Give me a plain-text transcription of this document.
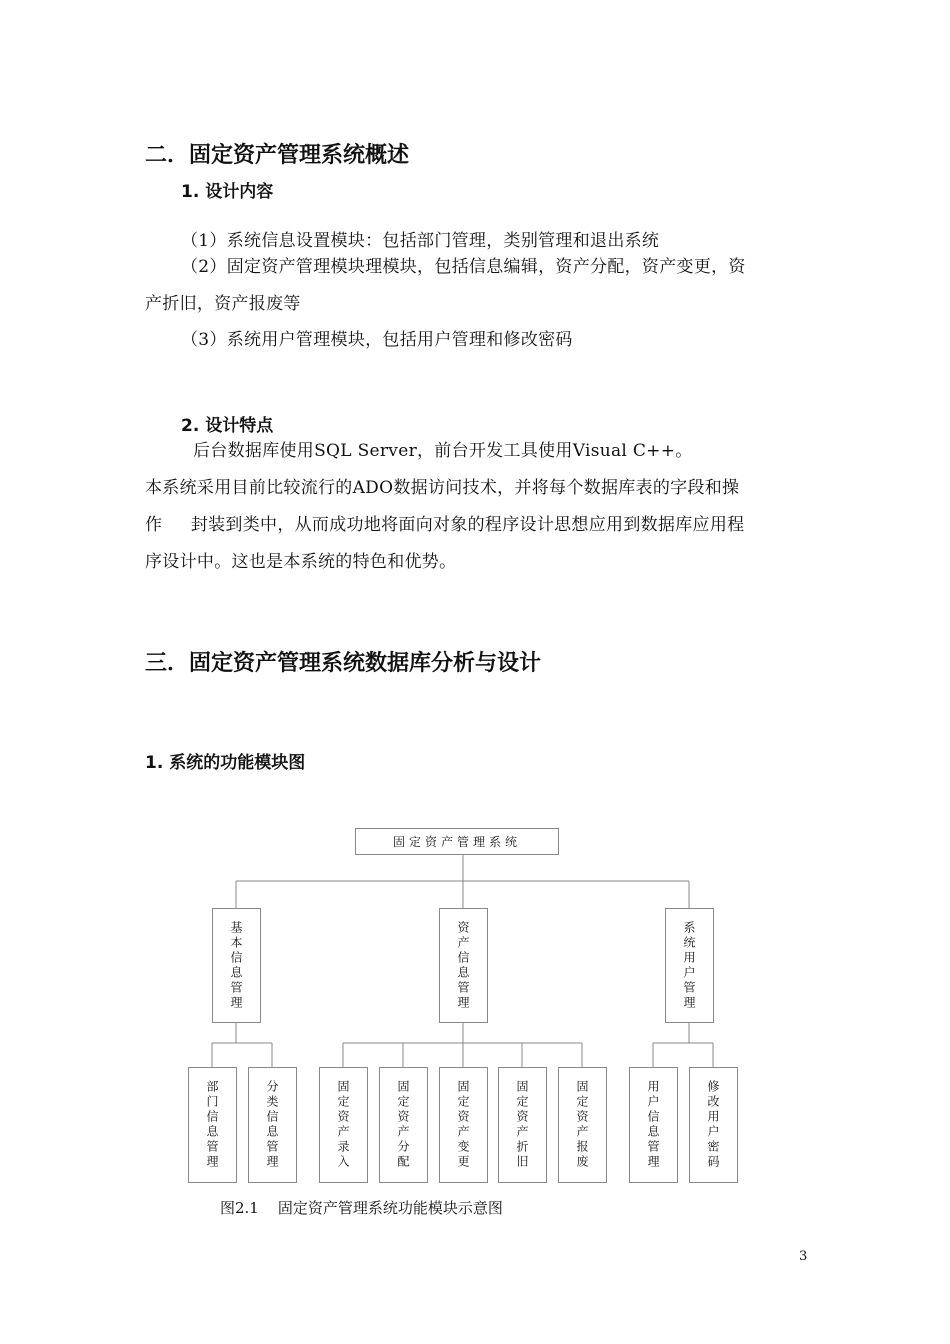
二．固定资产管理系统概述
1. 设计内容
（1）系统信息设置模块：包括部门管理，类别管理和退出系统
（2）固定资产管理模块理模块，包括信息编辑，资产分配，资产变更，资
产折旧，资产报废等
（3）系统用户管理模块，包括用户管理和修改密码
2. 设计特点
后台数据库使用SQL Server，前台开发工具使用Visual C++。
本系统采用目前比较流行的ADO数据访问技术，并将每个数据库表的字段和操
作     封装到类中，从而成功地将面向对象的程序设计思想应用到数据库应用程
序设计中。这也是本系统的特色和优势。
三．固定资产管理系统数据库分析与设计
1. 系统的功能模块图
固定资产管理系统
基本信息管理	资产信息管理	系统用户管理
部门信息管理	分类信息管理	固定资产录入	固定资产分配	固定资产变更	固定资产折旧	固定资产报废	用户信息管理	修改用户密码
图2.1    固定资产管理系统功能模块示意图
3
